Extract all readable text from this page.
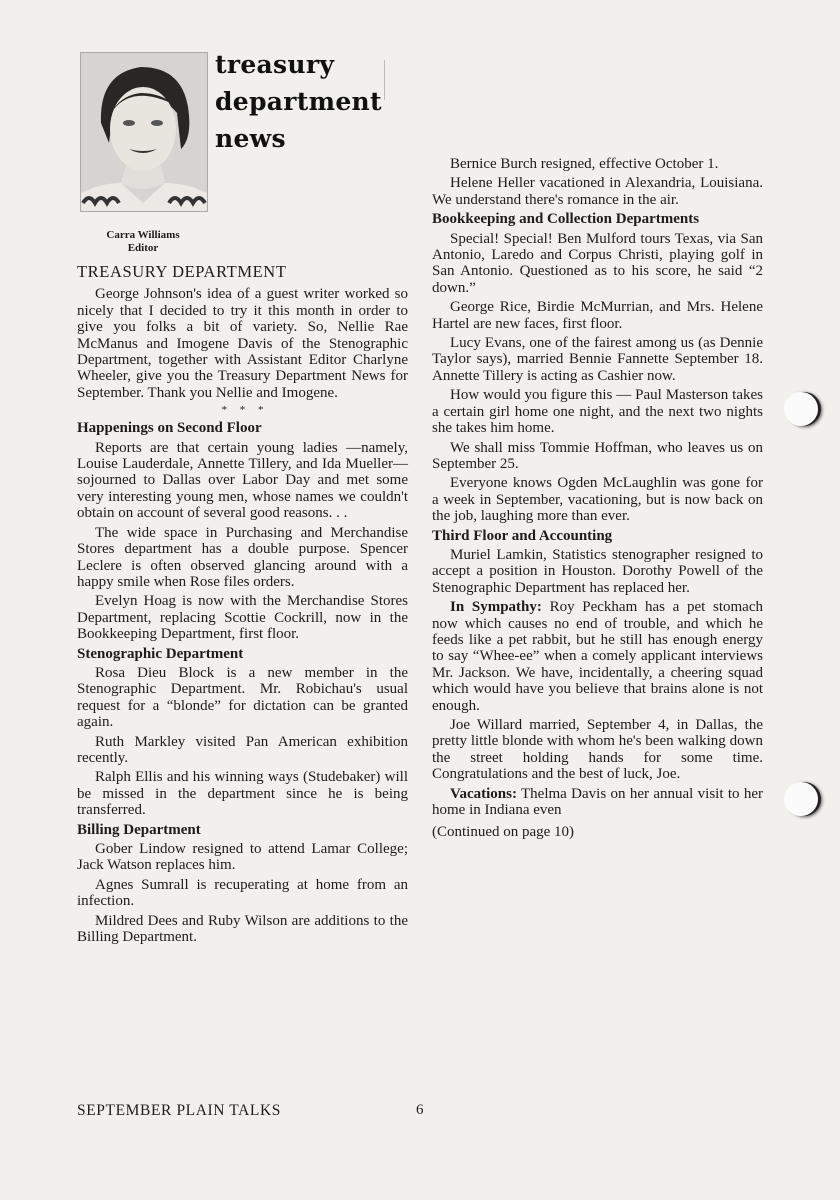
treasury
department
news
Carra Williams
Editor
TREASURY DEPARTMENT

George Johnson's idea of a guest writer worked so nicely that I decided to try it this month in order to give you folks a bit of variety. So, Nellie Rae McManus and Imogene Davis of the Stenographic Department, together with Assistant Editor Charlyne Wheeler, give you the Treasury Department News for September. Thank you Nellie and Imogene.

* * *
Happenings on Second Floor

Reports are that certain young ladies —namely, Louise Lauderdale, Annette Tillery, and Ida Mueller—sojourned to Dallas over Labor Day and met some very interesting young men, whose names we couldn't obtain on account of several good reasons. . .

The wide space in Purchasing and Merchandise Stores department has a double purpose. Spencer Leclere is often observed glancing around with a happy smile when Rose files orders.

Evelyn Hoag is now with the Merchandise Stores Department, replacing Scottie Cockrill, now in the Bookkeeping Department, first floor.

Stenographic Department

Rosa Dieu Block is a new member in the Stenographic Department. Mr. Robichau's usual request for a “blonde” for dictation can be granted again.

Ruth Markley visited Pan American exhibition recently.

Ralph Ellis and his winning ways (Studebaker) will be missed in the department since he is being transferred.

Billing Department

Gober Lindow resigned to attend Lamar College; Jack Watson replaces him.

Agnes Sumrall is recuperating at home from an infection.

Mildred Dees and Ruby Wilson are additions to the Billing Department.

Bernice Burch resigned, effective October 1.

Helene Heller vacationed in Alexandria, Louisiana. We understand there's romance in the air.

Bookkeeping and Collection Departments

Special! Special! Ben Mulford tours Texas, via San Antonio, Laredo and Corpus Christi, playing golf in San Antonio. Questioned as to his score, he said “2 down.”

George Rice, Birdie McMurrian, and Mrs. Helene Hartel are new faces, first floor.

Lucy Evans, one of the fairest among us (as Dennie Taylor says), married Bennie Fannette September 18. Annette Tillery is acting as Cashier now.

How would you figure this — Paul Masterson takes a certain girl home one night, and the next two nights she takes him home.

We shall miss Tommie Hoffman, who leaves us on September 25.

Everyone knows Ogden McLaughlin was gone for a week in September, vacationing, but is now back on the job, laughing more than ever.

Third Floor and Accounting

Muriel Lamkin, Statistics stenographer resigned to accept a position in Houston. Dorothy Powell of the Stenographic Department has replaced her.

In Sympathy: Roy Peckham has a pet stomach now which causes no end of trouble, and which he feeds like a pet rabbit, but he still has enough energy to say “Whee-ee” when a comely applicant interviews Mr. Jackson. We have, incidentally, a cheering squad which would have you believe that brains alone is not enough.

Joe Willard married, September 4, in Dallas, the pretty little blonde with whom he's been walking down the street holding hands for some time. Congratulations and the best of luck, Joe.

Vacations: Thelma Davis on her annual visit to her home in Indiana even

(Continued on page 10)

SEPTEMBER PLAIN TALKS	6
